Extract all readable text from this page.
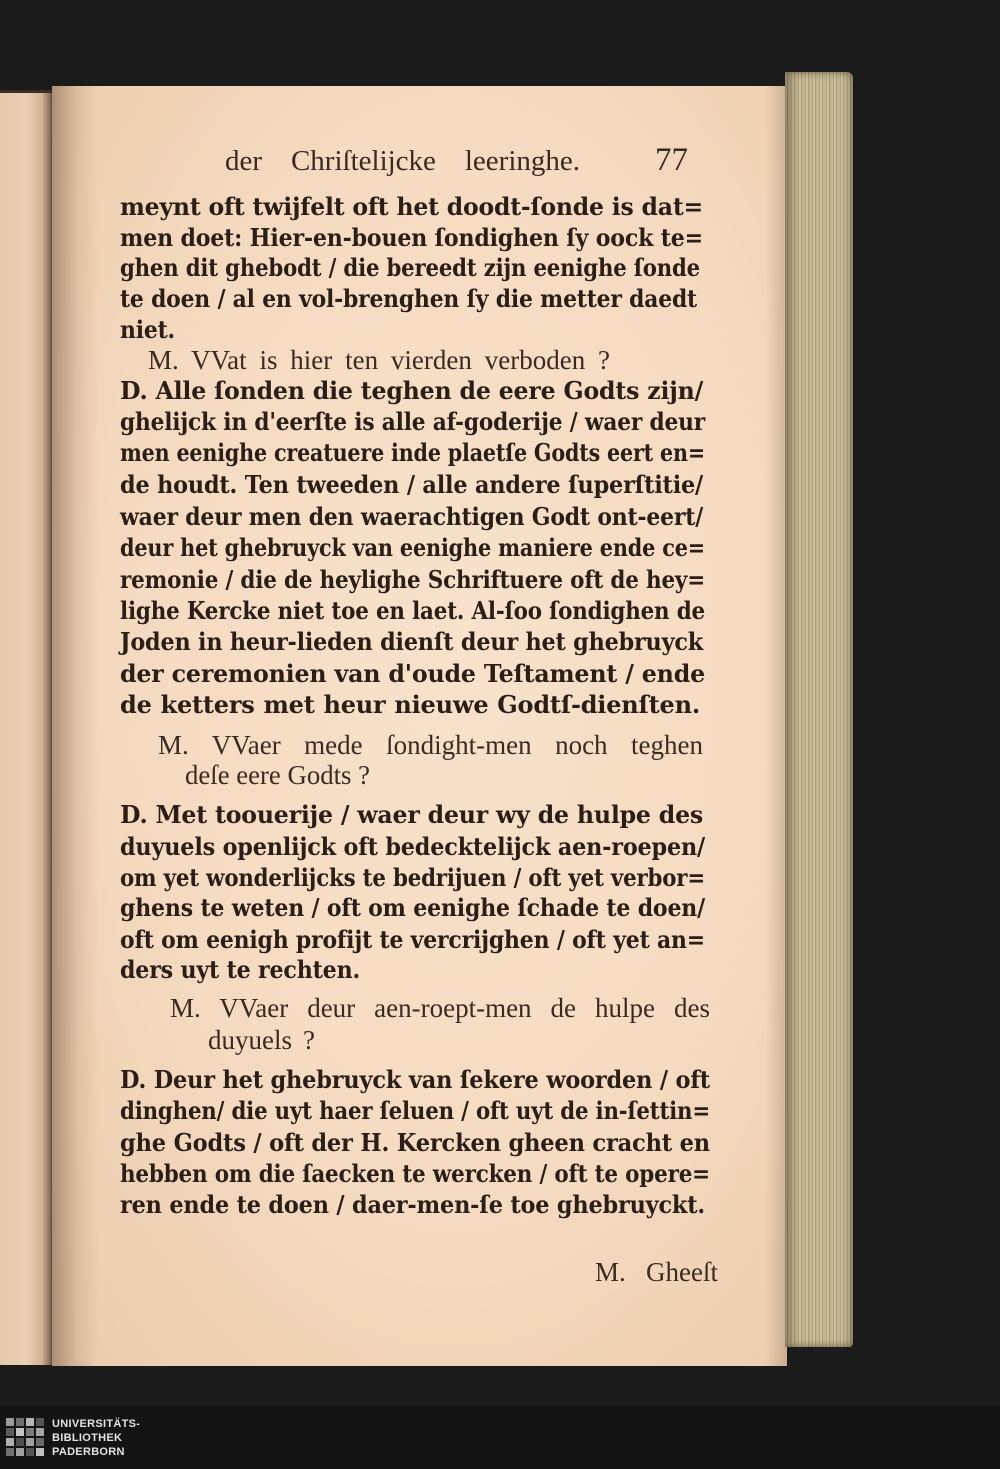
der Chriſtelijcke leeringhe. 77
meynt oft twijfelt oft het doodt-ſonde is dat=
men doet: Hier-en-bouen ſondighen ſy oock te=
ghen dit ghebodt / die bereedt zijn eenighe ſonde
te doen / al en vol-brenghen ſy die metter daedt
niet.
M. VVat is hier ten vierden verboden ?
D. Alle ſonden die teghen de eere Godts zijn/
ghelijck in d'eerſte is alle af-goderije / waer deur
men eenighe creatuere inde plaetſe Godts eert en=
de houdt. Ten tweeden / alle andere ſuperſtitie/
waer deur men den waerachtigen Godt ont-eert/
deur het ghebruyck van eenighe maniere ende ce=
remonie / die de heylighe Schriftuere oft de hey=
lighe Kercke niet toe en laet. Al-ſoo ſondighen de
Joden in heur-lieden dienſt deur het ghebruyck
der ceremonien van d'oude Teſtament / ende
de ketters met heur nieuwe Godtſ-dienſten.
M. VVaer mede ſondight-men noch teghen
deſe eere Godts ?
D. Met toouerije / waer deur wy de hulpe des
duyuels openlijck oft bedecktelijck aen-roepen/
om yet wonderlijcks te bedrijuen / oft yet verbor=
ghens te weten / oft om eenighe ſchade te doen/
oft om eenigh profijt te vercrijghen / oft yet an=
ders uyt te rechten.
M. VVaer deur aen-roept-men de hulpe des
duyuels ?
D. Deur het ghebruyck van ſekere woorden / oft
dinghen/ die uyt haer ſeluen / oft uyt de in-ſettin=
ghe Godts / oft der H. Kercken gheen cracht en
hebben om die ſaecken te wercken / oft te opere=
ren ende te doen / daer-men-ſe toe ghebruyckt.
M. Gheeſt
UNIVERSITÄTS-
BIBLIOTHEK
PADERBORN
